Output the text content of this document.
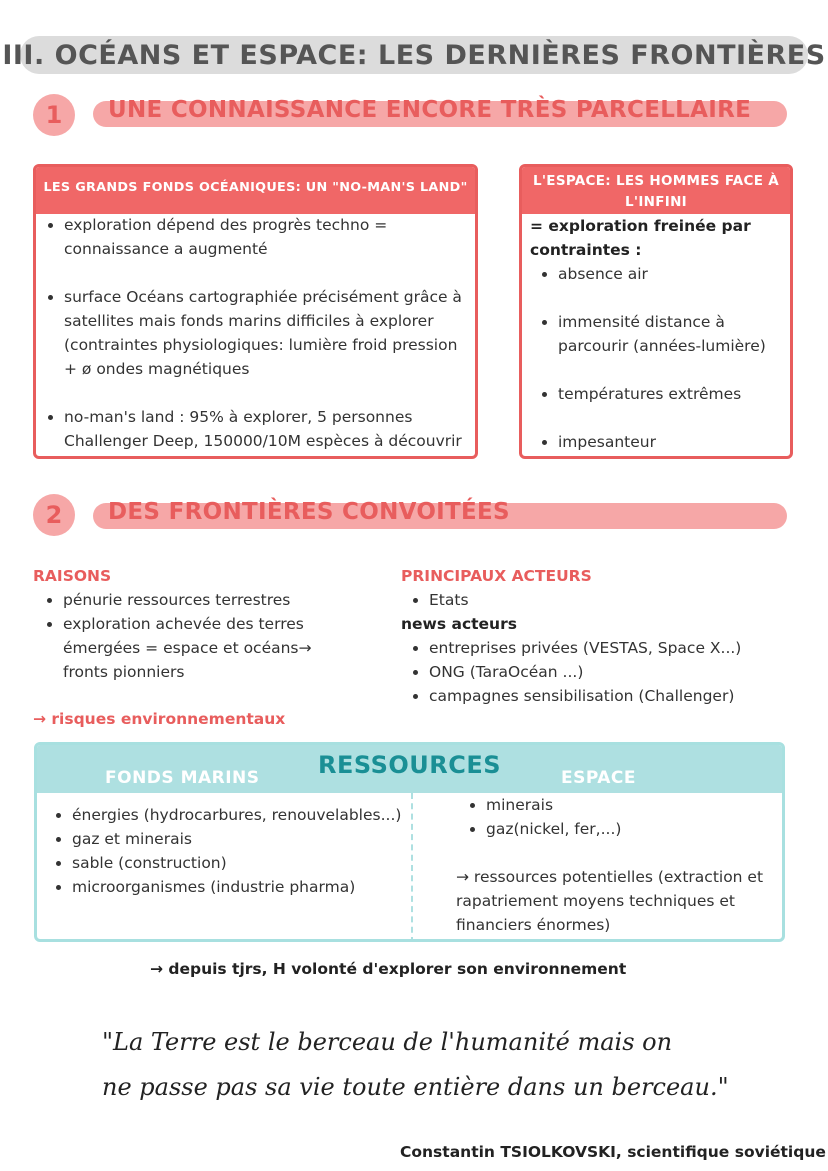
III. OCÉANS ET ESPACE: LES DERNIÈRES FRONTIÈRES
1	UNE CONNAISSANCE ENCORE TRÈS PARCELLAIRE
LES GRANDS FONDS OCÉANIQUES: UN "NO-MAN'S LAND"
• exploration dépend des progrès techno = connaissance a augmenté
• surface Océans cartographiée précisément grâce à satellites mais fonds marins difficiles à explorer (contraintes physiologiques: lumière froid pression + ø ondes magnétiques
• no-man's land : 95% à explorer, 5 personnes Challenger Deep, 150000/10M espèces à découvrir
L'ESPACE: LES HOMMES FACE À L'INFINI
= exploration freinée par contraintes :
• absence air
• immensité distance à parcourir (années-lumière)
• températures extrêmes
• impesanteur
2	DES FRONTIÈRES CONVOITÉES
RAISONS
• pénurie ressources terrestres
• exploration achevée des terres émergées = espace et océans→ fronts pionniers
→ risques environnementaux
PRINCIPAUX ACTEURS
• Etats
news acteurs
• entreprises privées (VESTAS, Space X...)
• ONG (TaraOcéan ...)
• campagnes sensibilisation (Challenger)
RESSOURCES
FONDS MARINS	ESPACE
• énergies (hydrocarbures, renouvelables...)
• gaz et minerais
• sable (construction)
• microorganismes (industrie pharma)
• minerais
• gaz(nickel, fer,...)
→ ressources potentielles (extraction et rapatriement moyens techniques et financiers énormes)
→ depuis tjrs, H volonté d'explorer son environnement
"La Terre est le berceau de l'humanité mais on
ne passe pas sa vie toute entière dans un berceau."
Constantin TSIOLKOVSKI, scientifique soviétique
